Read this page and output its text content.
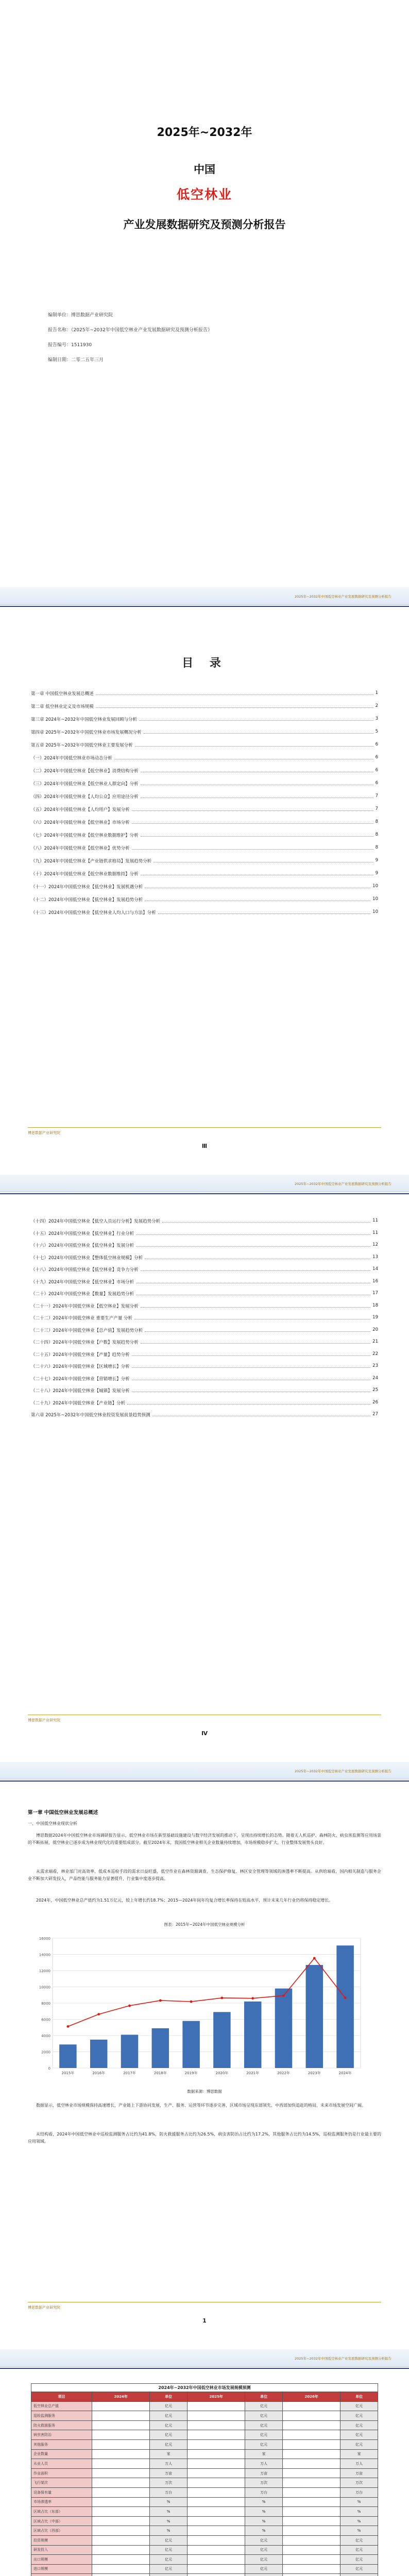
2025年~2032年
中国
低空林业
产业发展数据研究及预测分析报告
编制单位：博思数据产业研究院
报告名称：《2025年~2032年中国低空林业产业发展数据研究及预测分析报告》
报告编号：1511930
编制日期：二零二五年三月
2025年~2032年中国低空林业产业发展数据研究及预测分析报告
目 录
第一章 中国低空林业发展总概述	1
第二章 低空林业定义及市场规模	2
第三章 2024年~2032年中国低空林业发展回顾与分析	3
第四章 2025年~2032年中国低空林业市场发展概况分析	5
第五章 2025年~2032年中国低空林业主要发展分析	6
（一）2024年中国低空林业市场动态分析	6
（二）2024年中国低空林业【低空林业】消费结构分析	6
（三）2024年中国低空林业【低空林业人群定向】分析	6
（四）2024年中国低空林业【人均公众】应用途径分析	7
（五）2024年中国低空林业【人均用户】发展分析	7
（六）2024年中国低空林业【低空林业】市场分析	8
（七）2024年中国低空林业【低空林业数据维护】分析	8
（八）2024年中国低空林业【低空林业】优势分析	8
（九）2024年中国低空林业【产业链供求格局】发展趋势分析	9
（十）2024年中国低空林业【低空林业数据维持】分析	9
（十一）2024年中国低空林业【低空林业】发展机遇分析	10
（十二）2024年中国低空林业【低空林业】发展趋势分析	10
（十三）2024年中国低空林业【低空林业人均人口与方法】分析	10
博思数据产业研究院
Ⅲ
2025年~2032年中国低空林业产业发展数据研究及预测分析报告
（十四）2024年中国低空林业【低空人员运行分析】发展趋势分析	11
（十五）2024年中国低空林业【低空林业】行业分析	11
（十六）2024年中国低空林业【低空林业】发展分析	12
（十七）2024年中国低空林业【整体低空林业规模】分析	13
（十八）2024年中国低空林业【低空林业】竞争力分析	14
（十九）2024年中国低空林业【低空林业】市场分析	16
（二十）2024年中国低空林业【数量】发展趋势分析	17
（二十一）2024年中国低空林业【低空林业】发展分析	18
（二十二）2024年中国低空林业 重要生产产量 分析	19
（二十三）2024年中国低空林业【总产值】发展趋势分析	20
（二十四）2024年中国低空林业【户数】发展趋势分析	21
（二十五）2024年中国低空林业【产量】趋势分析	22
（二十六）2024年中国低空林业【区域增长】分析	23
（二十七）2024年中国低空林业【营销增长】分析	24
（二十八）2024年中国低空林业【城镇】发展分析	25
（二十九）2024年中国低空林业【产业链】分析	26
第六章 2025年~2032年中国低空林业投资发展前景趋势预测	27
博思数据产业研究院
Ⅳ
2025年~2032年中国低空林业产业发展数据研究及预测分析报告
第一章 中国低空林业发展总概述
一、中国低空林业现状分析

博思数据2024年中国低空林业市场调研报告显示，低空林业市场在新型基础设施建设与数字经济发展的推动下，呈现出持续增长的态势。随着无人机巡护、森林防火、病虫害监测等应用场景的不断拓展，低空林业已逐步成为林业现代化的重要组成部分。截至2024年末，我国低空林业相关企业数量持续增加，市场规模稳步扩大，行业整体发展势头良好。

从需求端看，林业部门对高效率、低成本巡检手段的需求日益旺盛，低空作业在森林资源调查、生态保护修复、林区安全管理等领域的渗透率不断提高。从供给端看，国内相关制造与服务企业不断加大研发投入，产品性能与服务能力显著提升，行业集中度逐步提高。

2024年，中国低空林业总产值约为1.51万亿元，较上年增长约18.7%；2015—2024年间年均复合增长率保持在较高水平，预计未来几年行业仍将保持稳定增长。

图表：2015年~2024年中国低空林业规模分析
0
2000
4000
6000
8000
10000
12000
14000
16000
2015年	2016年	2017年	2018年	2019年	2020年	2021年	2022年	2023年	2024年
数据来源：博思数据

数据显示，低空林业市场规模保持高速增长，产业链上下游协同发展，生产、服务、运营等环节逐步完善，区域市场呈现东部领先、中西部加快追赶的格局，未来市场发展空间广阔。

从结构看，2024年中国低空林业中巡检监测服务占比约为41.8%，防火救援服务占比约为26.5%，病虫害防治占比约为17.2%，其他服务占比约为14.5%，巡检监测服务仍是行业最主要的应用领域。

博思数据产业研究院
1
2025年~2032年中国低空林业产业发展数据研究及预测分析报告
2024年~2032年中国低空林业市场发展规模预测
项目	2024年	单位	2025年	单位	2026年	单位
低空林业总产值		亿元		亿元		亿元
巡检监测服务		亿元		亿元		亿元
防火救援服务		亿元		亿元		亿元
病虫害防治		亿元		亿元		亿元
其他服务		亿元		亿元		亿元
企业数量		家		家		家
从业人员		万人		万人		万人
作业面积		万亩		万亩		万亩
飞行架次		万次		万次		万次
设备保有量		万台		万台		万台
市场渗透率		%		%		%
区域占比（东部）		%		%		%
区域占比（中部）		%		%		%
区域占比（西部）		%		%		%
投资规模		亿元		亿元		亿元
研发投入		亿元		亿元		亿元
出口规模		亿元		亿元		亿元
进口规模		亿元		亿元		亿元
